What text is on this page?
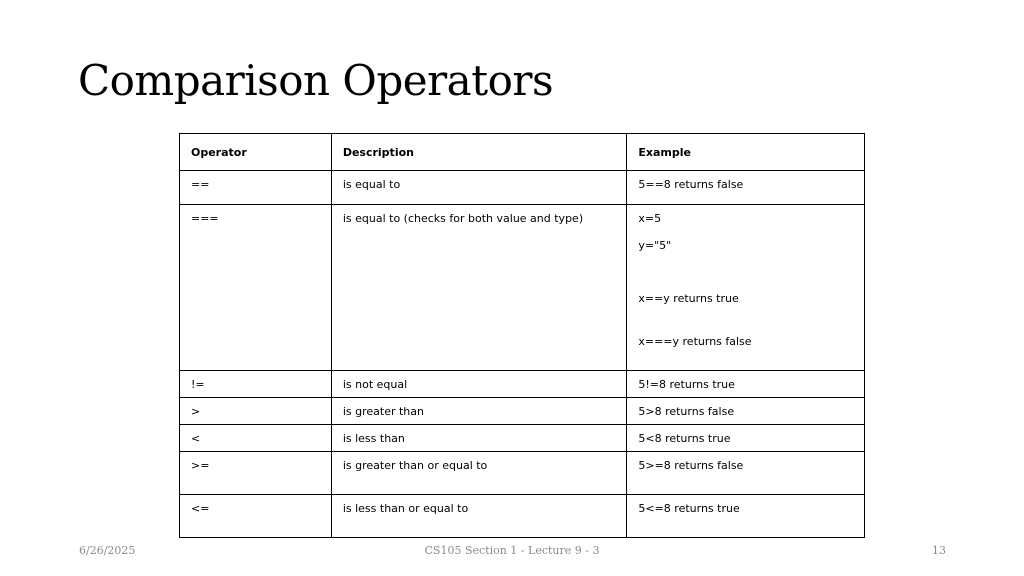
Comparison Operators
Operator	Description	Example
==	is equal to	5==8 returns false
===	is equal to (checks for both value and type)	x=5
y="5"
x==y returns true
x===y returns false

!=	is not equal	5!=8 returns true
>	is greater than	5>8 returns false
<	is less than	5<8 returns true
>=	is greater than or equal to	5>=8 returns false
<=	is less than or equal to	5<=8 returns true
6/26/2025	CS105 Section 1 - Lecture 9 - 3	13
